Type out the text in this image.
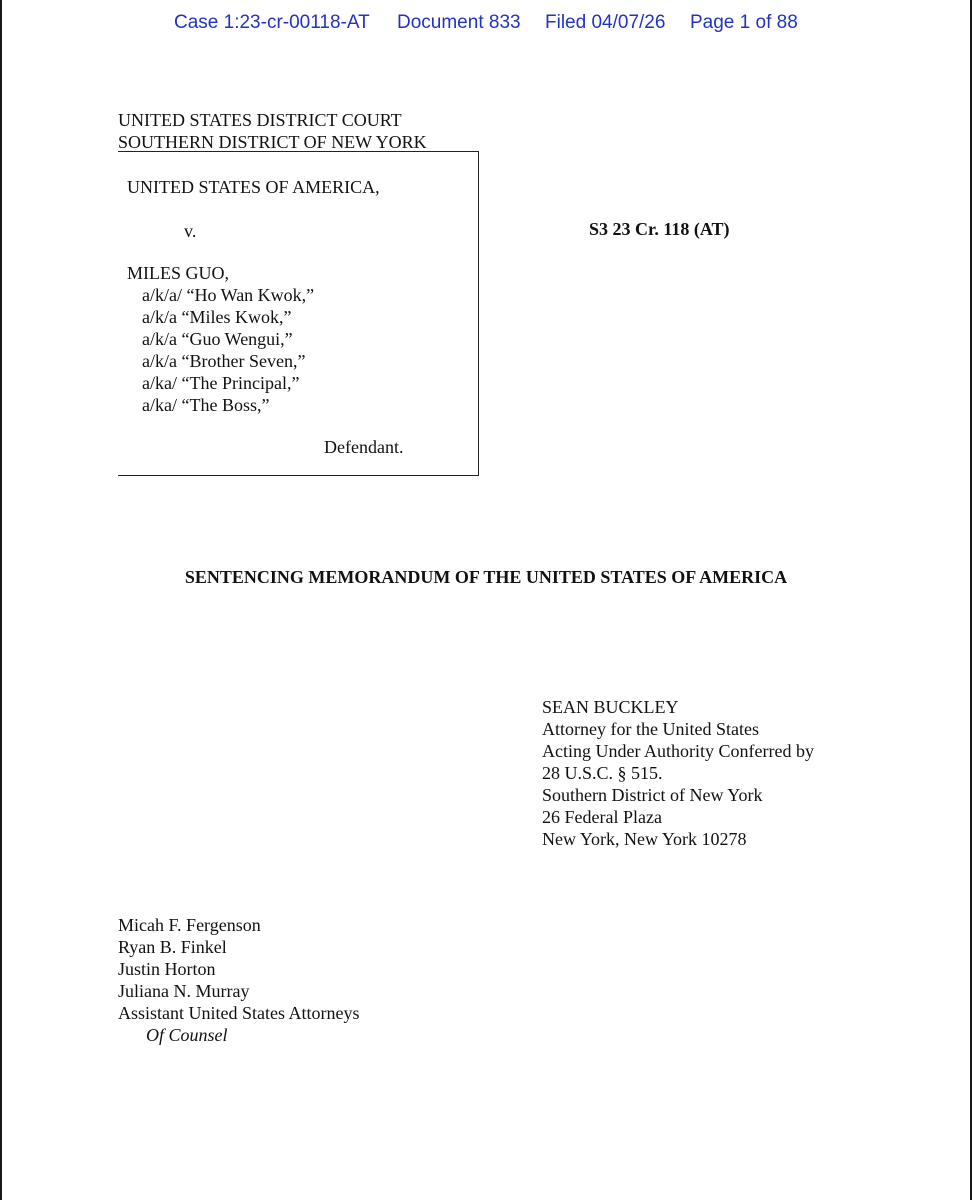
Case 1:23-cr-00118-AT Document 833 Filed 04/07/26 Page 1 of 88
UNITED STATES DISTRICT COURT
SOUTHERN DISTRICT OF NEW YORK
UNITED STATES OF AMERICA,
v.
MILES GUO,
a/k/a/ “Ho Wan Kwok,”
a/k/a “Miles Kwok,”
a/k/a “Guo Wengui,”
a/k/a “Brother Seven,”
a/ka/ “The Principal,”
a/ka/ “The Boss,”
Defendant.
S3 23 Cr. 118 (AT)
SENTENCING MEMORANDUM OF THE UNITED STATES OF AMERICA
SEAN BUCKLEY
Attorney for the United States
Acting Under Authority Conferred by
28 U.S.C. § 515.
Southern District of New York
26 Federal Plaza
New York, New York 10278
Micah F. Fergenson
Ryan B. Finkel
Justin Horton
Juliana N. Murray
Assistant United States Attorneys
Of Counsel
